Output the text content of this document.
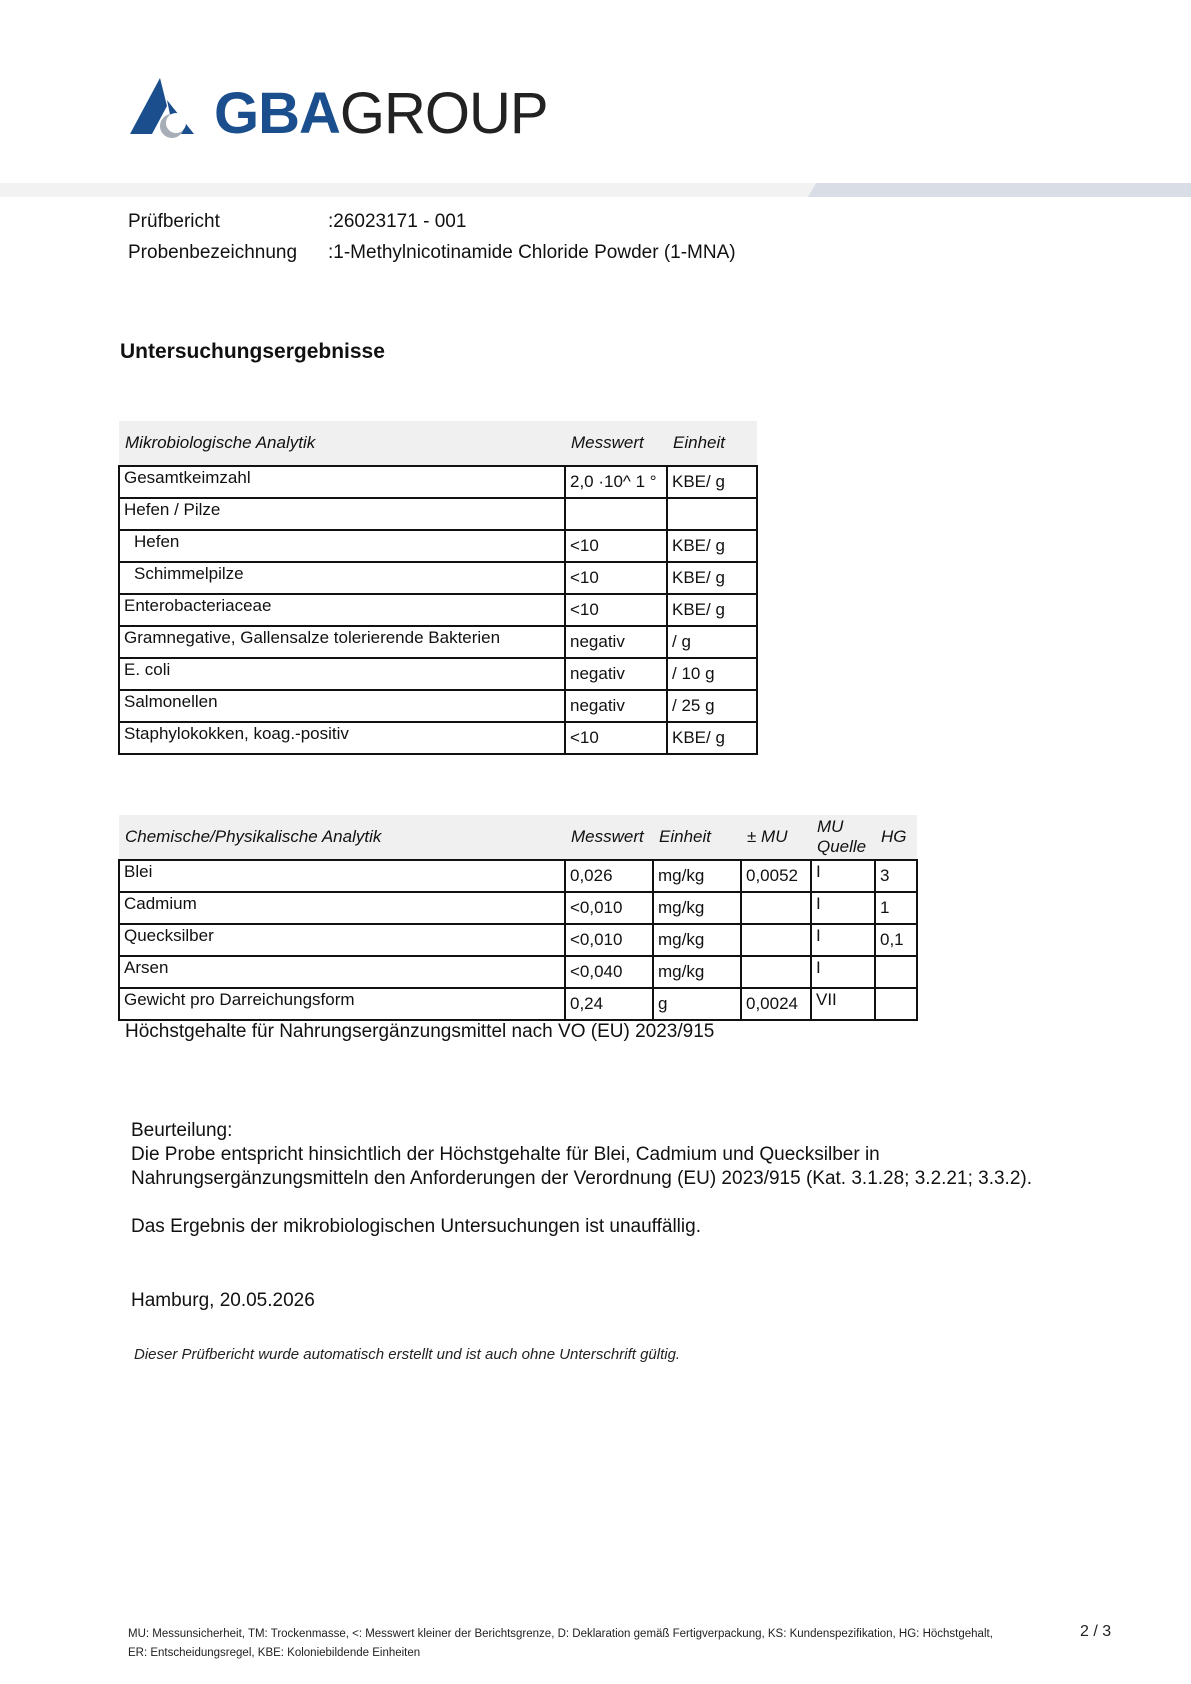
GBAGROUP
Prüfbericht	:26023171 - 001
Probenbezeichnung	:1-Methylnicotinamide Chloride Powder (1-MNA)
Untersuchungsergebnisse
Mikrobiologische Analytik	Messwert	Einheit
Gesamtkeimzahl	2,0 ·10^ 1 °	KBE/ g
Hefen / Pilze		
Hefen	<10	KBE/ g
Schimmelpilze	<10	KBE/ g
Enterobacteriaceae	<10	KBE/ g
Gramnegative, Gallensalze tolerierende Bakterien	negativ	/ g
E. coli	negativ	/ 10 g
Salmonellen	negativ	/ 25 g
Staphylokokken, koag.-positiv	<10	KBE/ g
Chemische/Physikalische Analytik	Messwert	Einheit	± MU	MU Quelle	HG
Blei	0,026	mg/kg	0,0052	I	3
Cadmium	<0,010	mg/kg		I	1
Quecksilber	<0,010	mg/kg		I	0,1
Arsen	<0,040	mg/kg		I	
Gewicht pro Darreichungsform	0,24	g	0,0024	VII	
Höchstgehalte für Nahrungsergänzungsmittel nach VO (EU) 2023/915

Beurteilung:

Die Probe entspricht hinsichtlich der Höchstgehalte für Blei, Cadmium und Quecksilber in

Nahrungsergänzungsmitteln den Anforderungen der Verordnung (EU) 2023/915 (Kat. 3.1.28; 3.2.21; 3.3.2).

Das Ergebnis der mikrobiologischen Untersuchungen ist unauffällig.

Hamburg, 20.05.2026
Dieser Prüfbericht wurde automatisch erstellt und ist auch ohne Unterschrift gültig.
MU: Messunsicherheit, TM: Trockenmasse, <: Messwert kleiner der Berichtsgrenze, D: Deklaration gemäß Fertigverpackung, KS: Kundenspezifikation, HG: Höchstgehalt,
ER: Entscheidungsregel, KBE: Koloniebildende Einheiten
2 / 3
